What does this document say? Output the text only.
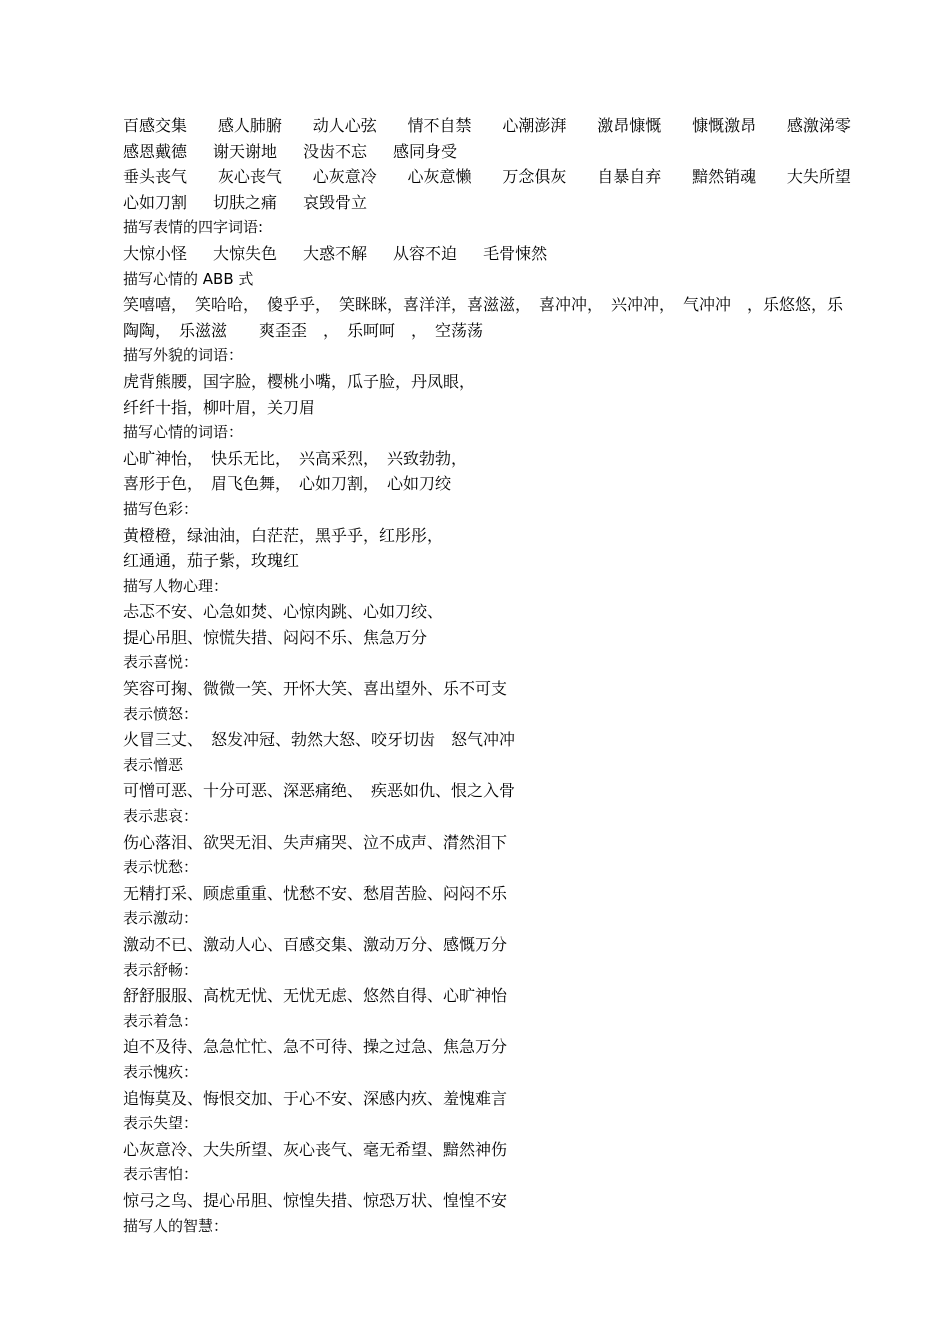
百感交集 感人肺腑 动人心弦 情不自禁 心潮澎湃 激昂慷慨 慷慨激昂 感激涕零
感恩戴德 谢天谢地 没齿不忘 感同身受
垂头丧气 灰心丧气 心灰意冷 心灰意懒 万念俱灰 自暴自弃 黯然销魂 大失所望
心如刀割 切肤之痛 哀毁骨立
描写表情的四字词语:
大惊小怪 大惊失色 大惑不解 从容不迫 毛骨悚然
描写心情的 ABB 式
笑嘻嘻，　笑哈哈，　傻乎乎，　笑眯眯，喜洋洋，喜滋滋，　喜冲冲，　兴冲冲，　气冲冲　，乐悠悠，乐
陶陶，　乐滋滋　　爽歪歪　，　乐呵呵　，　空荡荡
描写外貌的词语：
虎背熊腰，国字脸，樱桃小嘴，瓜子脸，丹凤眼，
纤纤十指，柳叶眉，关刀眉
描写心情的词语：
心旷神怡，　快乐无比，　兴高采烈，　兴致勃勃，
喜形于色，　眉飞色舞，　心如刀割，　心如刀绞
描写色彩：
黄橙橙，绿油油，白茫茫，黑乎乎，红彤彤，
红通通，茄子紫，玫瑰红
描写人物心理：
忐忑不安、心急如焚、心惊肉跳、心如刀绞、
提心吊胆、惊慌失措、闷闷不乐、焦急万分
表示喜悦：
笑容可掬、微微一笑、开怀大笑、喜出望外、乐不可支
表示愤怒：
火冒三丈、　怒发冲冠、勃然大怒、咬牙切齿　怒气冲冲
表示憎恶
可憎可恶、十分可恶、深恶痛绝、　疾恶如仇、恨之入骨
表示悲哀：
伤心落泪、欲哭无泪、失声痛哭、泣不成声、潸然泪下
表示忧愁：
无精打采、顾虑重重、忧愁不安、愁眉苦脸、闷闷不乐
表示激动：
激动不已、激动人心、百感交集、激动万分、感慨万分
表示舒畅：
舒舒服服、高枕无忧、无忧无虑、悠然自得、心旷神怡
表示着急：
迫不及待、急急忙忙、急不可待、操之过急、焦急万分
表示愧疚：
追悔莫及、悔恨交加、于心不安、深感内疚、羞愧难言
表示失望：
心灰意冷、大失所望、灰心丧气、毫无希望、黯然神伤
表示害怕：
惊弓之鸟、提心吊胆、惊惶失措、惊恐万状、惶惶不安
描写人的智慧：
